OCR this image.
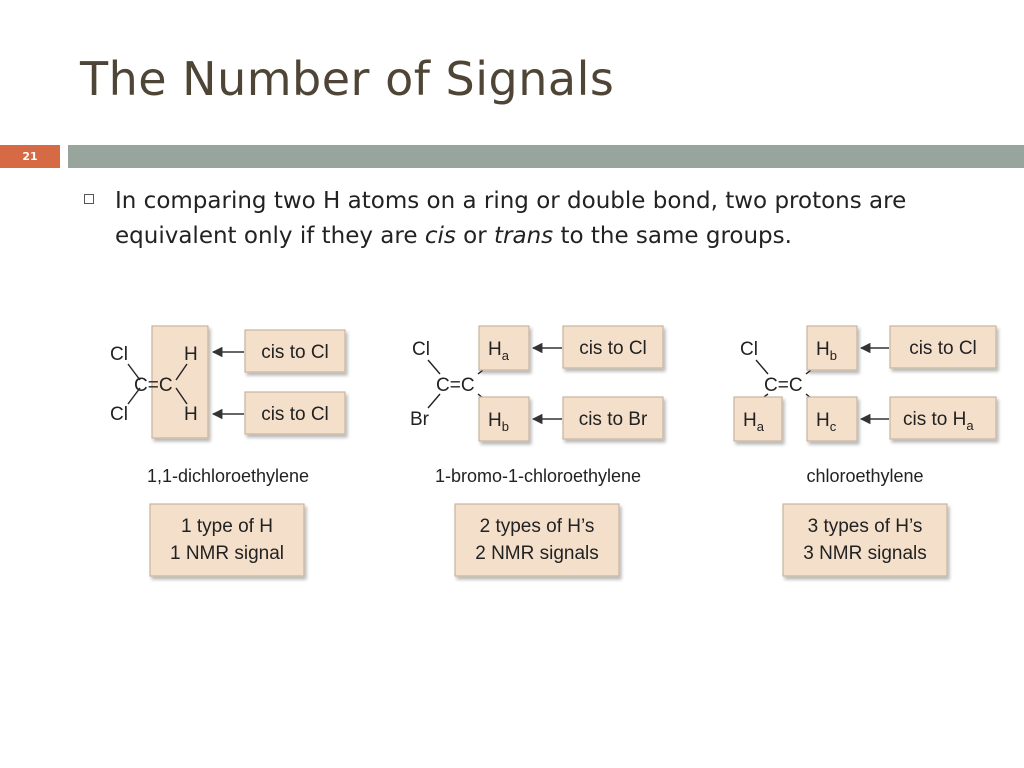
The Number of Signals
21

In comparing two H atoms on a ring or double bond, two protons are equivalent only if they are cis or trans to the same groups.

Cl
Cl
C=C
H
H
cis to Cl
cis to Cl
1,1-dichloroethylene
1 type of H
1 NMR signal
Cl
Br
C=C
$H_a$
$H_b$
cis to Cl
cis to Br
1-bromo-1-chloroethylene
2 types of H’s
2 NMR signals
Cl
C=C
$H_a$
$H_b$
$H_c$
cis to Cl
cis to $H_a$
chloroethylene
3 types of H’s
3 NMR signals
